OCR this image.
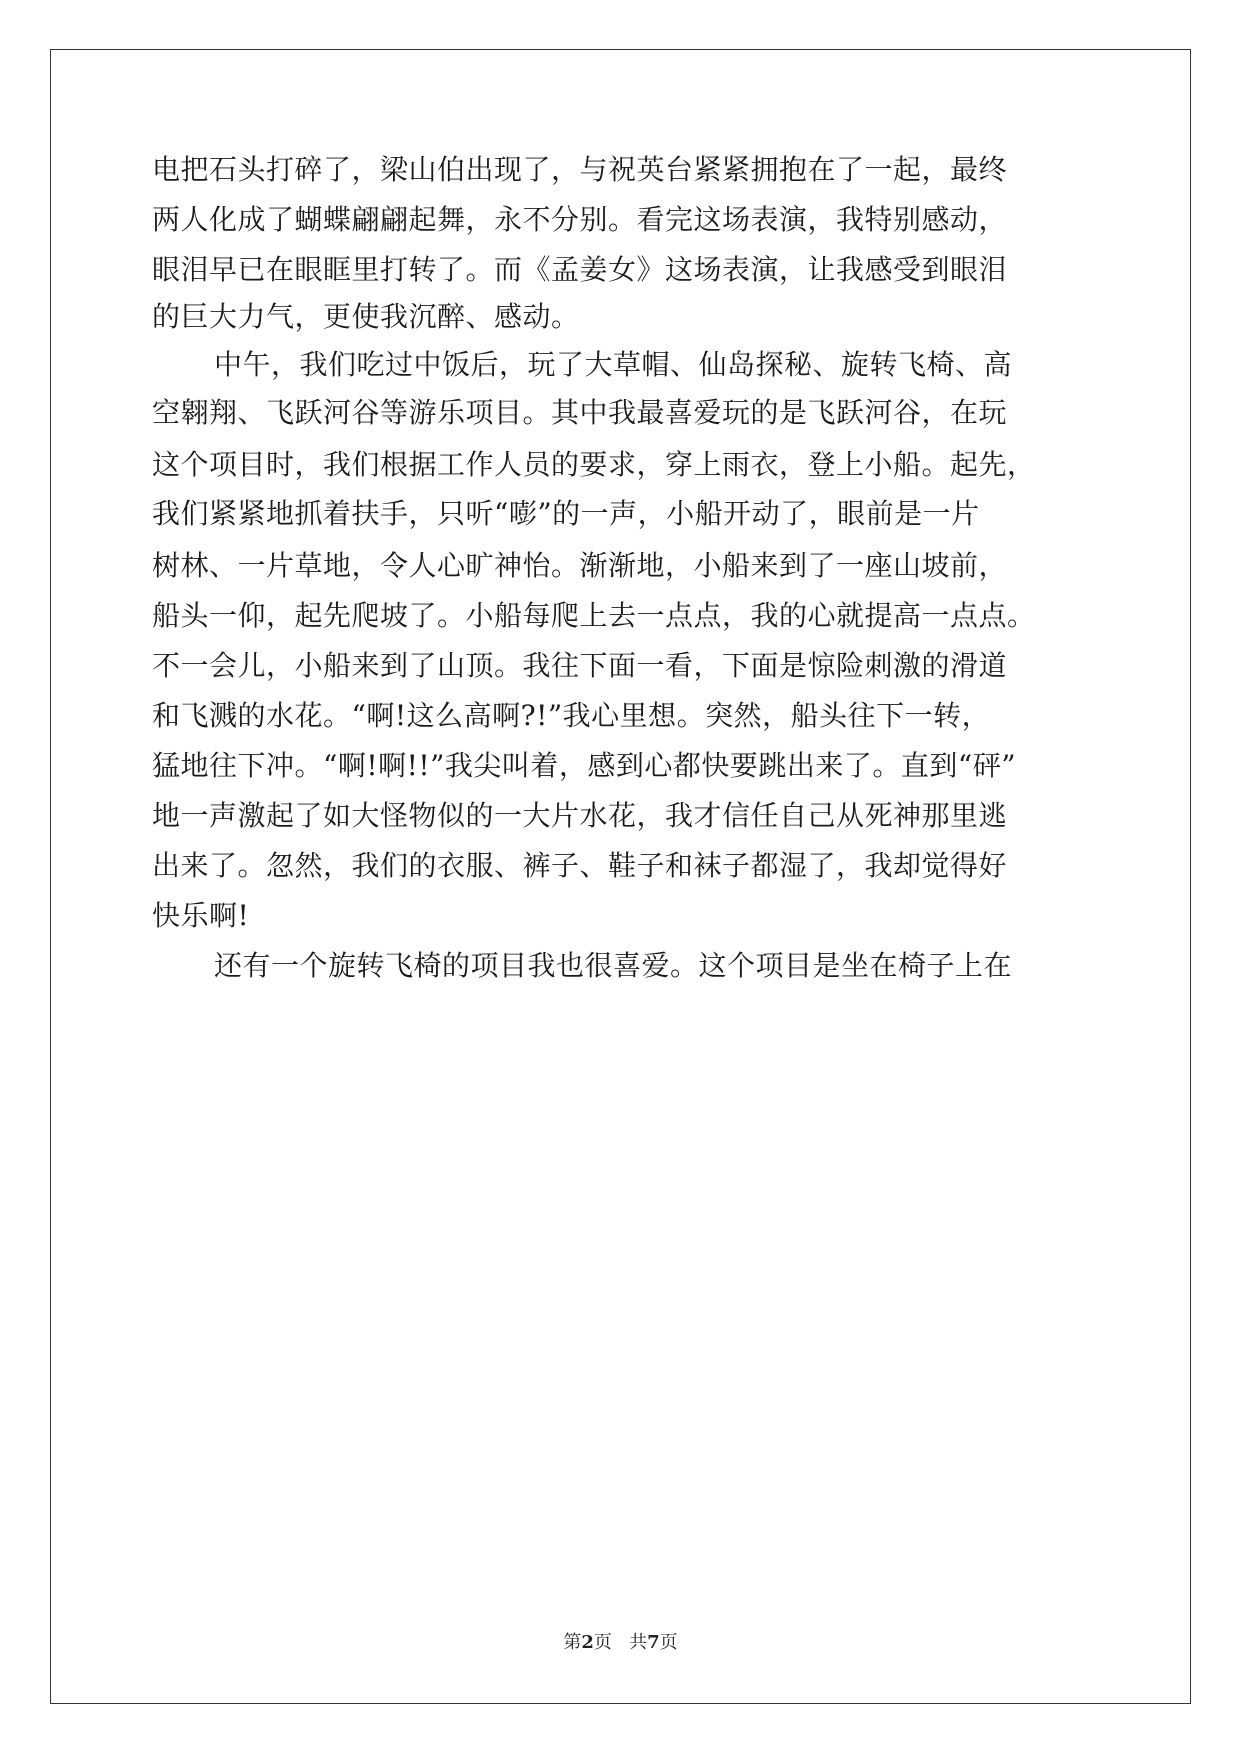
电把石头打碎了，梁山伯出现了，与祝英台紧紧拥抱在了一起，最终
两人化成了蝴蝶翩翩起舞，永不分别。看完这场表演，我特别感动，
眼泪早已在眼眶里打转了。而《孟姜女》这场表演，让我感受到眼泪
的巨大力气，更使我沉醉、感动。
中午，我们吃过中饭后，玩了大草帽、仙岛探秘、旋转飞椅、高
空翱翔、飞跃河谷等游乐项目。其中我最喜爱玩的是飞跃河谷，在玩
这个项目时，我们根据工作人员的要求，穿上雨衣，登上小船。起先，
我们紧紧地抓着扶手，只听“嘭”的一声，小船开动了，眼前是一片
树林、一片草地，令人心旷神怡。渐渐地，小船来到了一座山坡前，
船头一仰，起先爬坡了。小船每爬上去一点点，我的心就提高一点点。
不一会儿，小船来到了山顶。我往下面一看，下面是惊险刺激的滑道
和飞溅的水花。“啊!这么高啊?!”我心里想。突然，船头往下一转，
猛地往下冲。“啊!啊!!”我尖叫着，感到心都快要跳出来了。直到“砰”
地一声激起了如大怪物似的一大片水花，我才信任自己从死神那里逃
出来了。忽然，我们的衣服、裤子、鞋子和袜子都湿了，我却觉得好
快乐啊!
还有一个旋转飞椅的项目我也很喜爱。这个项目是坐在椅子上在
第2页 共7页
